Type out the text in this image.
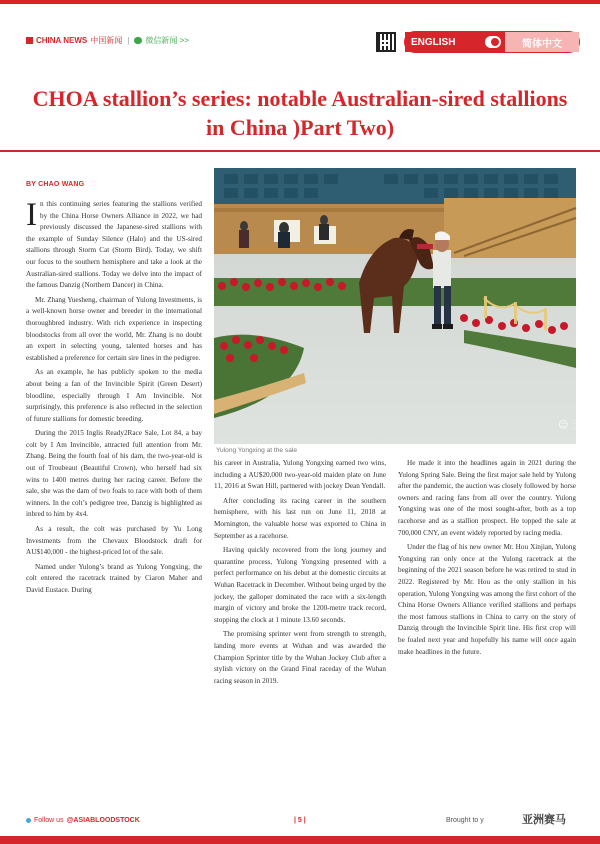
CHINA NEWS 中国新闻 | 微信新闻 >>	ENGLISH	简体中文
CHOA stallion’s series: notable Australian-sired stallions in China )Part Two)
BY CHAO WANG

In this continuing series featuring the stallions verified by the China Horse Owners Alliance in 2022, we had previously discussed the Japanese-sired stallions with the example of Sunday Silence (Halo) and the US-sired stallions through Storm Cat (Storm Bird). Today, we shift our focus to the southern hemisphere and take a look at the Australian-sired stallions. Today we delve into the impact of the famous Danzig (Northern Dancer) in China.

Mr. Zhang Yuesheng, chairman of Yulong Investments, is a well-known horse owner and breeder in the international thoroughbred industry. With rich experience in inspecting bloodstocks from all over the world, Mr. Zhang is no doubt an expert in selecting young, talented horses and has established a preference for certain sire lines in the pedigree.

As an example, he has publicly spoken to the media about being a fan of the Invincible Spirit (Green Desert) bloodline, especially through I Am Invincible. Not surprisingly, this preference is also reflected in the selection of future stallions for domestic breeding.

During the 2015 Inglis Ready2Race Sale, Lot 84, a bay colt by I Am Invincible, attracted full attention from Mr. Zhang. Being the fourth foal of his dam, the two-year-old is out of Troubeaut (Beautiful Crown), who herself had six wins to 1400 metres during her racing career. Before the sale, she was the dam of two foals to race with both of them winners. In the colt’s pedigree tree, Danzig is highlighted as inbred to him by 4x4.

As a result, the colt was purchased by Yu Long Investments from the Chevaux Bloodstock draft for AU$140,000 - the highest-priced lot of the sale.

Named under Yulong’s brand as Yulong Yongxing, the colt entered the racetrack trained by Ciaron Maher and David Eustace. During

☺ 王
Yulong Yongxing at the sale

his career in Australia, Yulong Yongxing earned two wins, including a AU$20,000 two-year-old maiden plate on June 11, 2016 at Swan Hill, partnered with jockey Dean Yendall.

After concluding its racing career in the southern hemisphere, with his last run on June 11, 2018 at Mornington, the valuable horse was exported to China in September as a racehorse.

Having quickly recovered from the long journey and quarantine process, Yulong Yongxing presented with a perfect performance on his debut at the domestic circuits at Wuhan Racetrack in December. Without being urged by the jockey, the galloper dominated the race with a six-length margin of victory and broke the 1200-metre track record, stopping the clock at 1 minute 13.60 seconds.

The promising sprinter went from strength to strength, landing more events at Wuhan and was awarded the Champion Sprinter title by the Wuhan Jockey Club after a stylish victory on the Grand Final raceday of the Wuhan racing season in 2019.

He made it into the headlines again in 2021 during the Yulong Spring Sale. Being the first major sale held by Yulong after the pandemic, the auction was closely followed by horse owners and racing fans from all over the country. Yulong Yongxing was one of the most sought-after, both as a top racehorse and as a stallion prospect. He topped the sale at 700,000 CNY, an event widely reported by racing media.

Under the flag of his new owner Mr. Hou Xinjian, Yulong Yongxing ran only once at the Yulong racetrack at the beginning of the 2021 season before he was retired to stud in 2022. Registered by Mr. Hou as the only stallion in his operation, Yulong Yongxing was among the first cohort of the China Horse Owners Alliance verified stallions and perhaps the most famous stallions in China to carry on the story of Danzig through the Invincible Spirit line. His first crop will be foaled next year and hopefully his name will once again make headlines in the future.

Follow us @ASIABLOODSTOCK	| 5 |	Brought to y	亚洲赛马
